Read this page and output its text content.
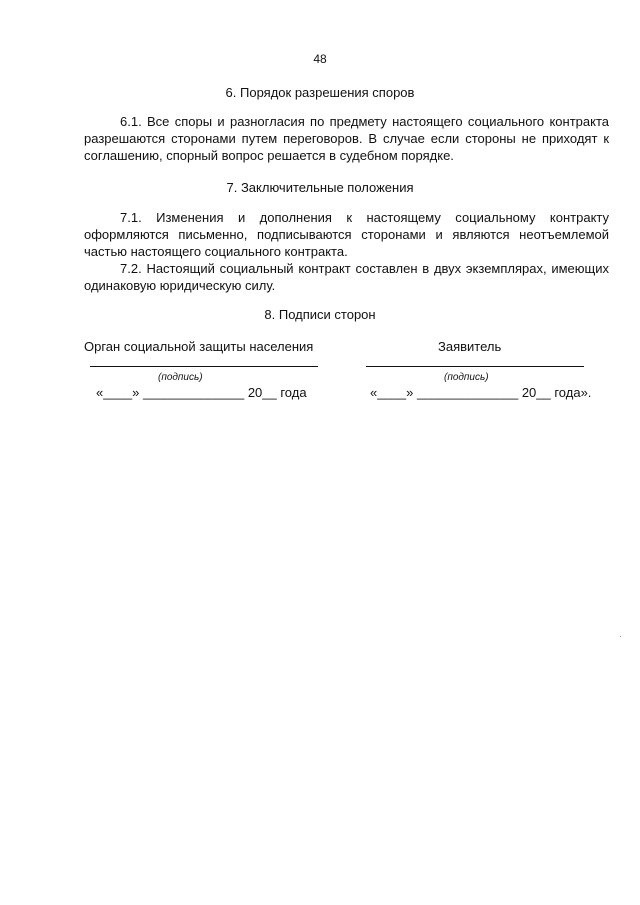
48
6. Порядок разрешения споров
6.1. Все споры и разногласия по предмету настоящего социального контракта разрешаются сторонами путем переговоров. В случае если стороны не приходят к соглашению, спорный вопрос решается в судебном порядке.
7. Заключительные положения
7.1. Изменения и дополнения к настоящему социальному контракту оформляются письменно, подписываются сторонами и являются неотъемлемой частью настоящего социального контракта.
7.2. Настоящий социальный контракт составлен в двух экземплярах, имеющих одинаковую юридическую силу.
8. Подписи сторон
Орган социальной защиты населения
(подпись)
«____» ______________ 20__ года
Заявитель
(подпись)
«____» ______________ 20__ года».
